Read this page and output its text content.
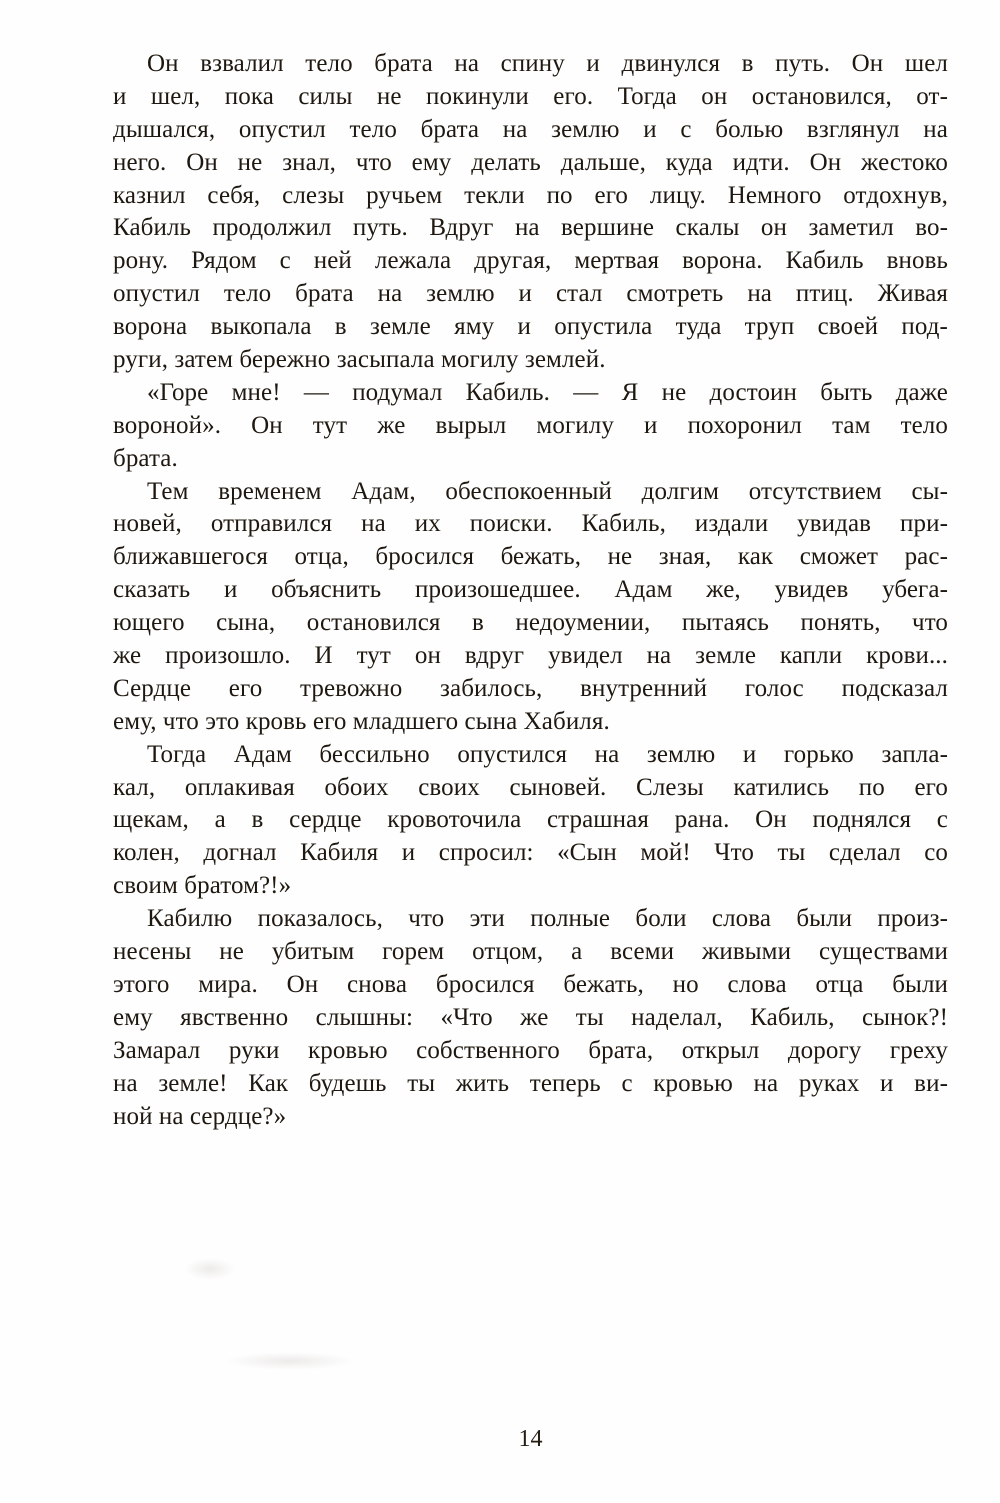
Он взвалил тело брата на спину и двинулся в путь. Он шел
и шел, пока силы не покинули его. Тогда он остановился, от-
дышался, опустил тело брата на землю и с болью взглянул на
него. Он не знал, что ему делать дальше, куда идти. Он жестоко
казнил себя, слезы ручьем текли по его лицу. Немного отдохнув,
Кабиль продолжил путь. Вдруг на вершине скалы он заметил во-
рону. Рядом с ней лежала другая, мертвая ворона. Кабиль вновь
опустил тело брата на землю и стал смотреть на птиц. Живая
ворона выкопала в земле яму и опустила туда труп своей под-
руги, затем бережно засыпала могилу землей.

«Горе мне! — подумал Кабиль. — Я не достоин быть даже
вороной». Он тут же вырыл могилу и похоронил там тело
брата.

Тем временем Адам, обеспокоенный долгим отсутствием сы-
новей, отправился на их поиски. Кабиль, издали увидав при-
ближавшегося отца, бросился бежать, не зная, как сможет рас-
сказать и объяснить произошедшее. Адам же, увидев убега-
ющего сына, остановился в недоумении, пытаясь понять, что
же произошло. И тут он вдруг увидел на земле капли крови...
Сердце его тревожно забилось, внутренний голос подсказал
ему, что это кровь его младшего сына Хабиля.

Тогда Адам бессильно опустился на землю и горько запла-
кал, оплакивая обоих своих сыновей. Слезы катились по его
щекам, а в сердце кровоточила страшная рана. Он поднялся с
колен, догнал Кабиля и спросил: «Сын мой! Что ты сделал со
своим братом?!»

Кабилю показалось, что эти полные боли слова были произ-
несены не убитым горем отцом, а всеми живыми существами
этого мира. Он снова бросился бежать, но слова отца были
ему явственно слышны: «Что же ты наделал, Кабиль, сынок?!
Замарал руки кровью собственного брата, открыл дорогу греху
на земле! Как будешь ты жить теперь с кровью на руках и ви-
ной на сердце?»

14
